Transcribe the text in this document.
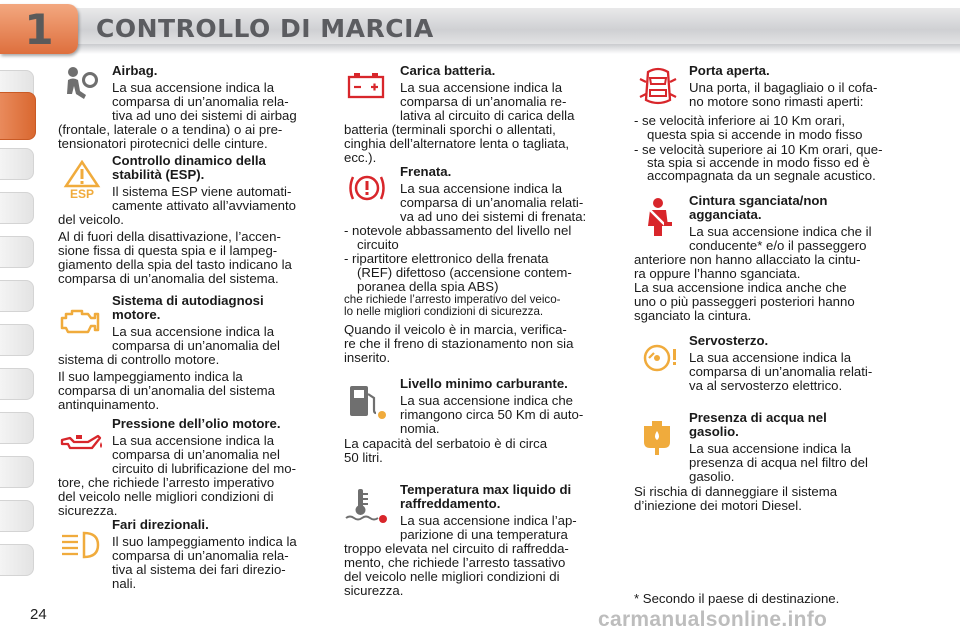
1	CONTROLLO DI MARCIA
Airbag.
La sua accensione indica la
comparsa di un’anomalia rela-
tiva ad uno dei sistemi di airbag
(frontale, laterale o a tendina) o ai pre-
tensionatori pirotecnici delle cinture.
ESP
Controllo dinamico della
stabilità (ESP).
Il sistema ESP viene automati-
camente attivato all’avviamento
del veicolo.
Al di fuori della disattivazione, l’accen-
sione fissa di questa spia e il lampeg-
giamento della spia del tasto indicano la
comparsa di un’anomalia del sistema.
Sistema di autodiagnosi
motore.
La sua accensione indica la
comparsa di un’anomalia del
sistema di controllo motore.
Il suo lampeggiamento indica la
comparsa di un’anomalia del sistema
antinquinamento.
Pressione dell’olio motore.
La sua accensione indica la
comparsa di un’anomalia nel
circuito di lubrificazione del mo-
tore, che richiede l’arresto imperativo
del veicolo nelle migliori condizioni di
sicurezza.
Fari direzionali.
Il suo lampeggiamento indica la
comparsa di un’anomalia rela-
tiva al sistema dei fari direzio-
nali.
Carica batteria.
La sua accensione indica la
comparsa di un’anomalia re-
lativa al circuito di carica della
batteria (terminali sporchi o allentati,
cinghia dell’alternatore lenta o tagliata,
ecc.).
Frenata.
La sua accensione indica la
comparsa di un’anomalia relati-
va ad uno dei sistemi di frenata:
- notevole abbassamento del livello nel
circuito
- ripartitore elettronico della frenata
(REF) difettoso (accensione contem-
poranea della spia ABS)
che richiede l’arresto imperativo del veico-
lo nelle migliori condizioni di sicurezza.
Quando il veicolo è in marcia, verifica-
re che il freno di stazionamento non sia
inserito.
Livello minimo carburante.
La sua accensione indica che
rimangono circa 50 Km di auto-
nomia.
La capacità del serbatoio è di circa
50 litri.
Temperatura max liquido di
raffreddamento.
La sua accensione indica l’ap-
parizione di una temperatura
troppo elevata nel circuito di raffredda-
mento, che richiede l’arresto tassativo
del veicolo nelle migliori condizioni di
sicurezza.
Porta aperta.
Una porta, il bagagliaio o il cofa-
no motore sono rimasti aperti:
- se velocità inferiore ai 10 Km orari,
questa spia si accende in modo fisso
- se velocità superiore ai 10 Km orari, que-
sta spia si accende in modo fisso ed è
accompagnata da un segnale acustico.
Cintura sganciata/non
agganciata.
La sua accensione indica che il
conducente* e/o il passeggero
anteriore non hanno allacciato la cintu-
ra oppure l’hanno sganciata.
La sua accensione indica anche che
uno o più passeggeri posteriori hanno
sganciato la cintura.
Servosterzo.
La sua accensione indica la
comparsa di un’anomalia relati-
va al servosterzo elettrico.
Presenza di acqua nel
gasolio.
La sua accensione indica la
presenza di acqua nel filtro del
gasolio.
Si rischia di danneggiare il sistema
d’iniezione dei motori Diesel.
* Secondo il paese di destinazione.
24	carmanualsonline.info
